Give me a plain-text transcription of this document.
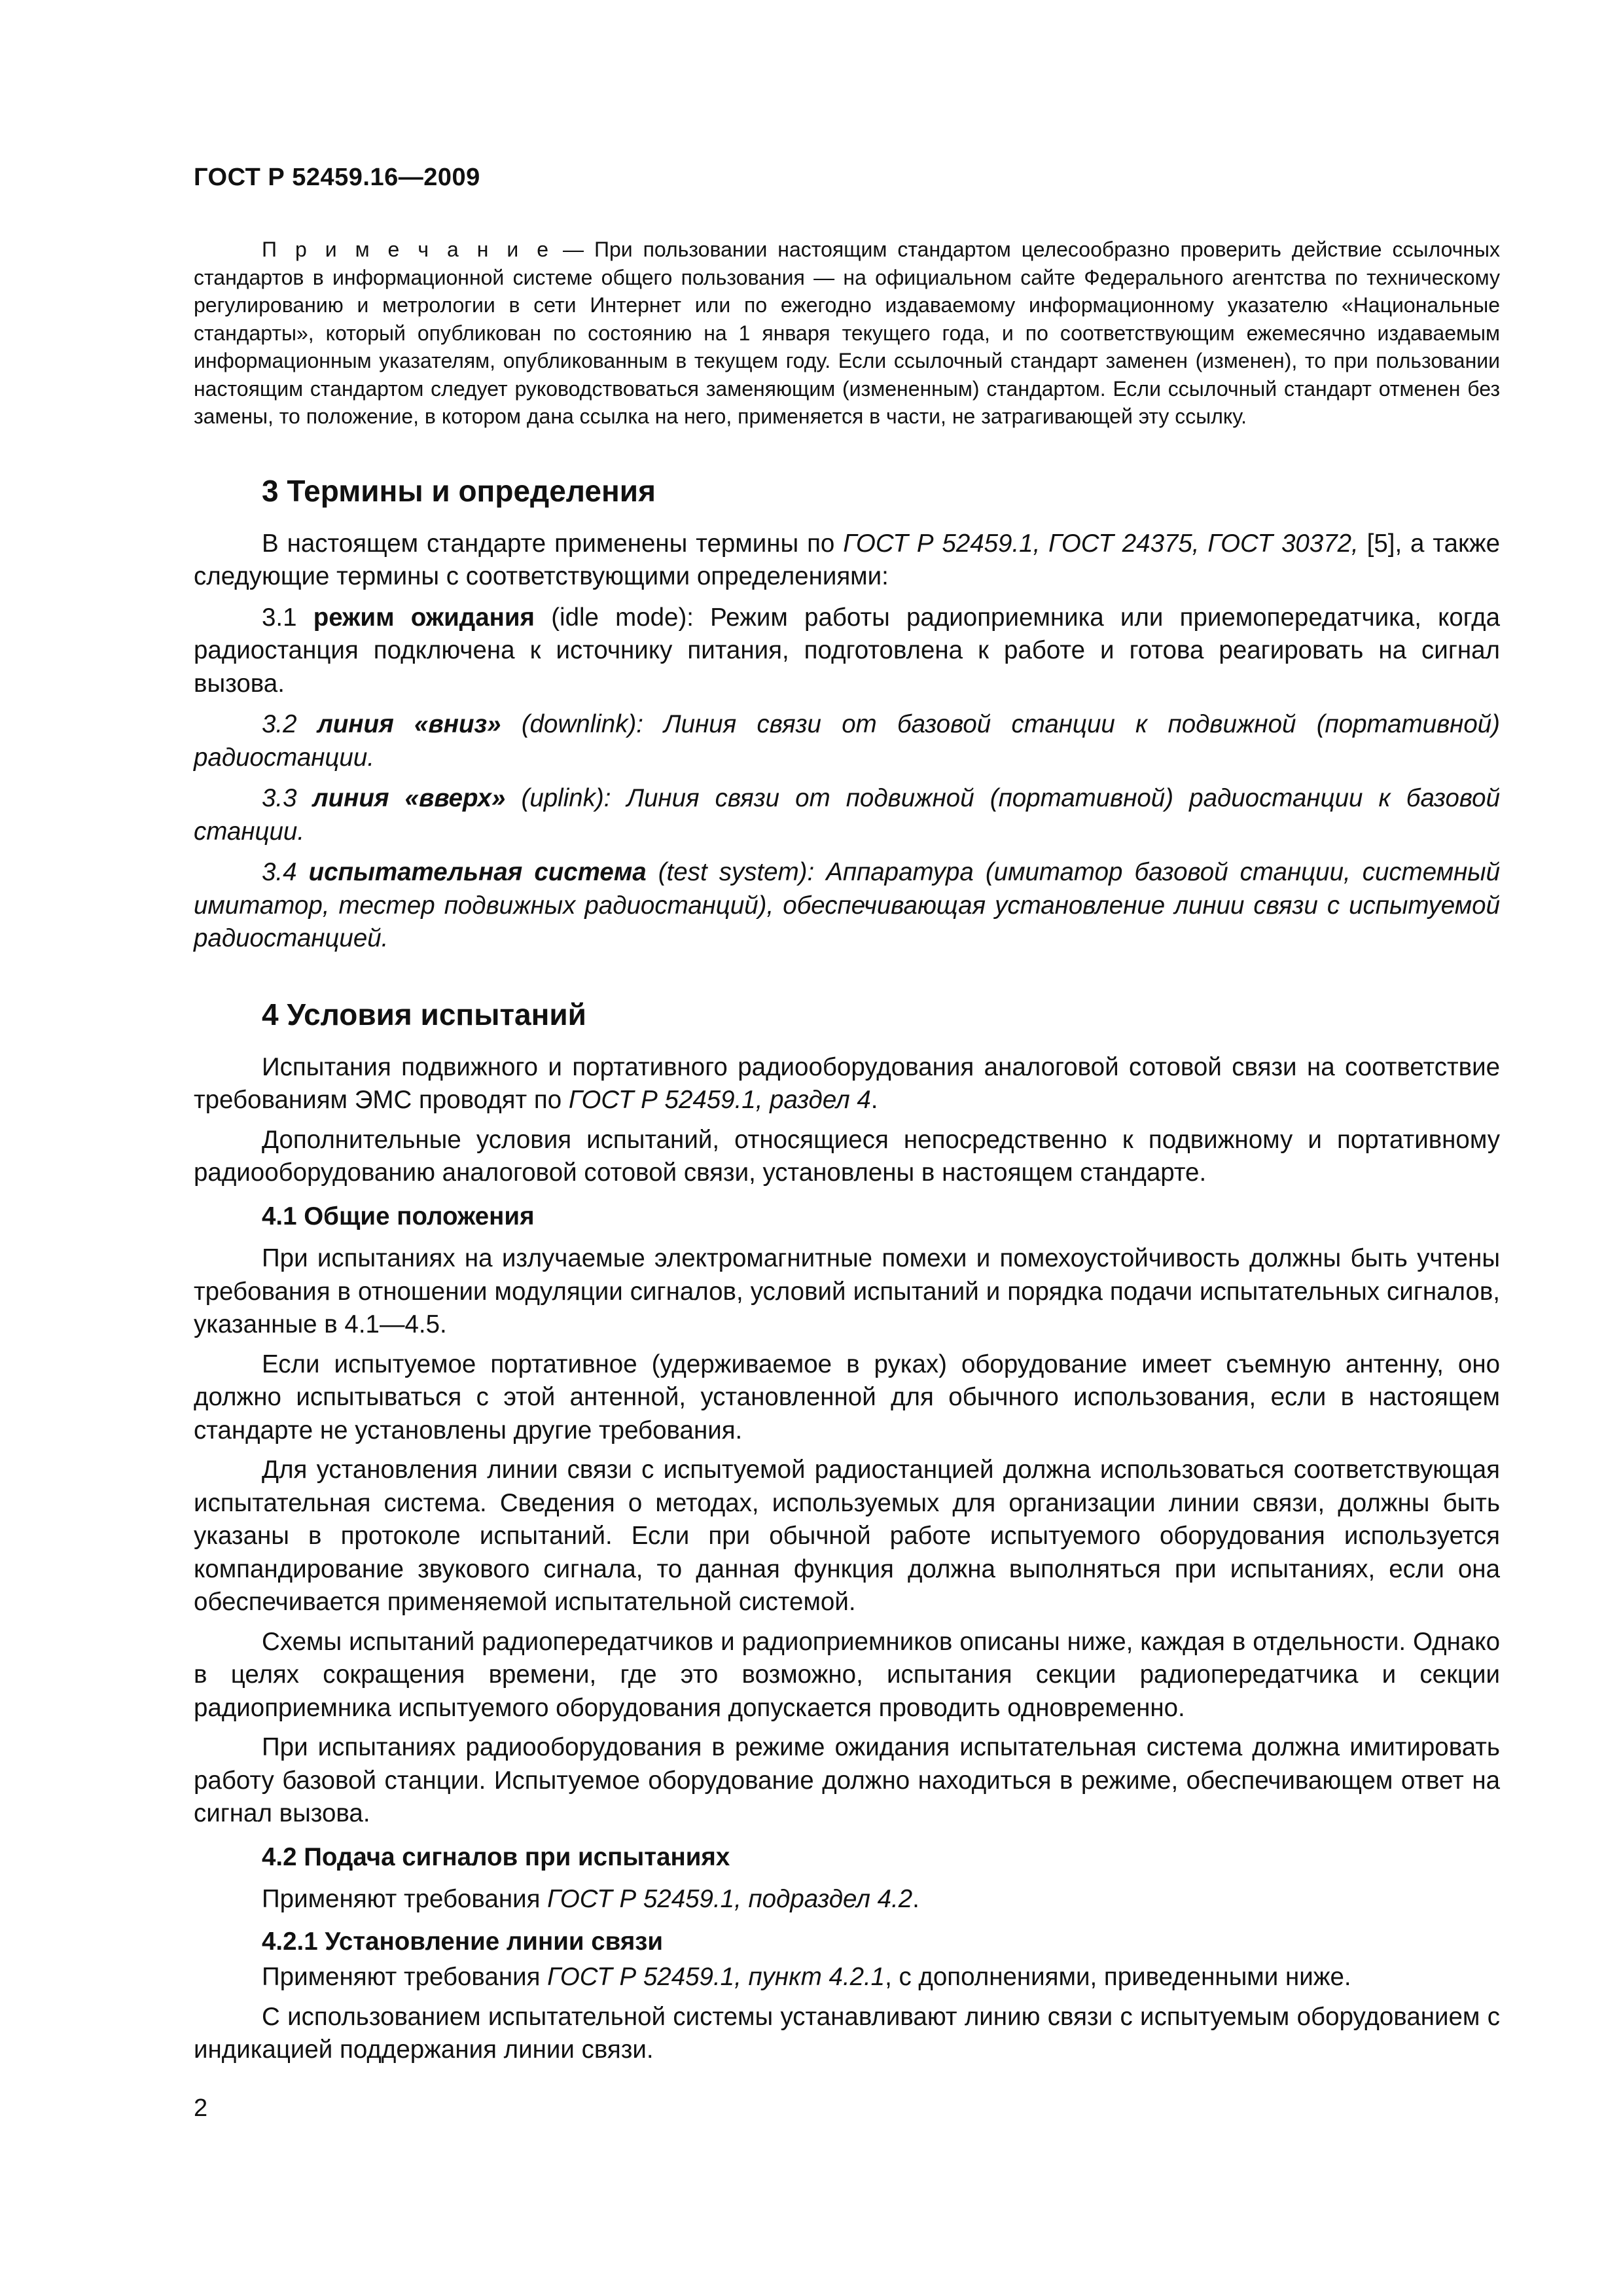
ГОСТ Р 52459.16—2009

П р и м е ч а н и е — При пользовании настоящим стандартом целесообразно проверить действие ссылочных стандартов в информационной системе общего пользования — на официальном сайте Федерального агентства по техническому регулированию и метрологии в сети Интернет или по ежегодно издаваемому информационному указателю «Национальные стандарты», который опубликован по состоянию на 1 января текущего года, и по соответствующим ежемесячно издаваемым информационным указателям, опубликованным в текущем году. Если ссылочный стандарт заменен (изменен), то при пользовании настоящим стандартом следует руководствоваться заменяющим (измененным) стандартом. Если ссылочный стандарт отменен без замены, то положение, в котором дана ссылка на него, применяется в части, не затрагивающей эту ссылку.

3 Термины и определения

В настоящем стандарте применены термины по ГОСТ Р 52459.1, ГОСТ 24375, ГОСТ 30372, [5], а также следующие термины с соответствующими определениями:

3.1 режим ожидания (idle mode): Режим работы радиоприемника или приемопередатчика, когда радиостанция подключена к источнику питания, подготовлена к работе и готова реагировать на сигнал вызова.

3.2 линия «вниз» (downlink): Линия связи от базовой станции к подвижной (портативной) радиостанции.

3.3 линия «вверх» (uplink): Линия связи от подвижной (портативной) радиостанции к базовой станции.

3.4 испытательная система (test system): Аппаратура (имитатор базовой станции, системный имитатор, тестер подвижных радиостанций), обеспечивающая установление линии связи с испытуемой радиостанцией.

4 Условия испытаний

Испытания подвижного и портативного радиооборудования аналоговой сотовой связи на соответствие требованиям ЭМС проводят по ГОСТ Р 52459.1, раздел 4.

Дополнительные условия испытаний, относящиеся непосредственно к подвижному и портативному радиооборудованию аналоговой сотовой связи, установлены в настоящем стандарте.

4.1 Общие положения

При испытаниях на излучаемые электромагнитные помехи и помехоустойчивость должны быть учтены требования в отношении модуляции сигналов, условий испытаний и порядка подачи испытательных сигналов, указанные в 4.1—4.5.

Если испытуемое портативное (удерживаемое в руках) оборудование имеет съемную антенну, оно должно испытываться с этой антенной, установленной для обычного использования, если в настоящем стандарте не установлены другие требования.

Для установления линии связи с испытуемой радиостанцией должна использоваться соответствующая испытательная система. Сведения о методах, используемых для организации линии связи, должны быть указаны в протоколе испытаний. Если при обычной работе испытуемого оборудования используется компандирование звукового сигнала, то данная функция должна выполняться при испытаниях, если она обеспечивается применяемой испытательной системой.

Схемы испытаний радиопередатчиков и радиоприемников описаны ниже, каждая в отдельности. Однако в целях сокращения времени, где это возможно, испытания секции радиопередатчика и секции радиоприемника испытуемого оборудования допускается проводить одновременно.

При испытаниях радиооборудования в режиме ожидания испытательная система должна имитировать работу базовой станции. Испытуемое оборудование должно находиться в режиме, обеспечивающем ответ на сигнал вызова.

4.2 Подача сигналов при испытаниях

Применяют требования ГОСТ Р 52459.1, подраздел 4.2.

4.2.1 Установление линии связи

Применяют требования ГОСТ Р 52459.1, пункт 4.2.1, с дополнениями, приведенными ниже.

С использованием испытательной системы устанавливают линию связи с испытуемым оборудованием с индикацией поддержания линии связи.

2
